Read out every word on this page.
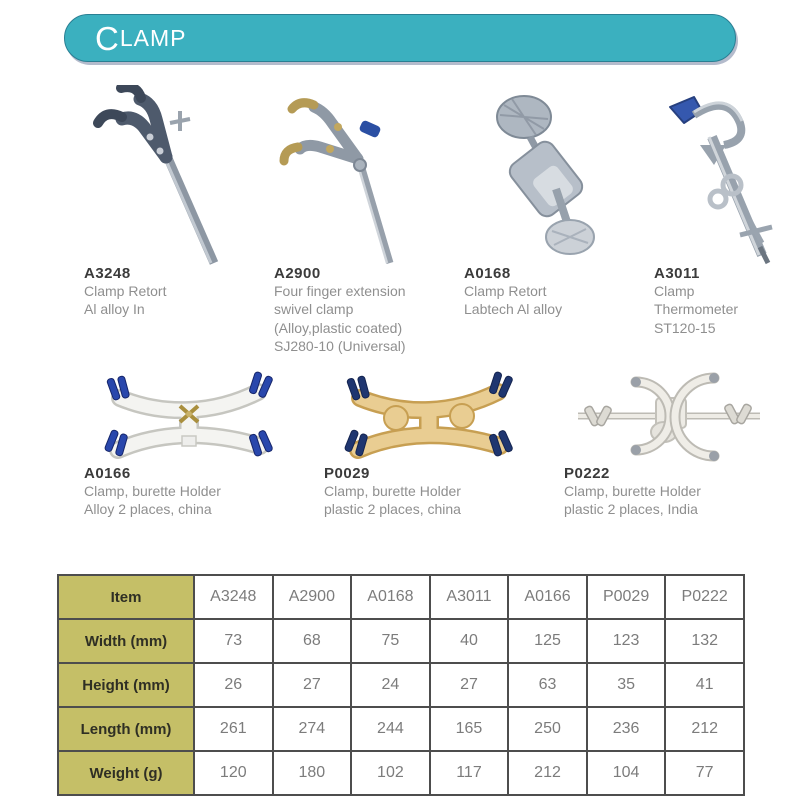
C LAMP
A3248
Clamp Retort
Al alloy In
A2900
Four finger extension
swivel clamp
(Alloy,plastic coated)
SJ280-10 (Universal)
A0168
Clamp Retort
Labtech Al alloy
A3011
Clamp
Thermometer
ST120-15
A0166
Clamp, burette Holder
Alloy 2 places, china
P0029
Clamp, burette Holder
plastic 2 places, china
P0222
Clamp, burette Holder
plastic 2 places, India
Item	A3248	A2900	A0168	A3011	A0166	P0029	P0222
Width (mm)	73	68	75	40	125	123	132
Height (mm)	26	27	24	27	63	35	41
Length (mm)	261	274	244	165	250	236	212
Weight (g)	120	180	102	117	212	104	77
